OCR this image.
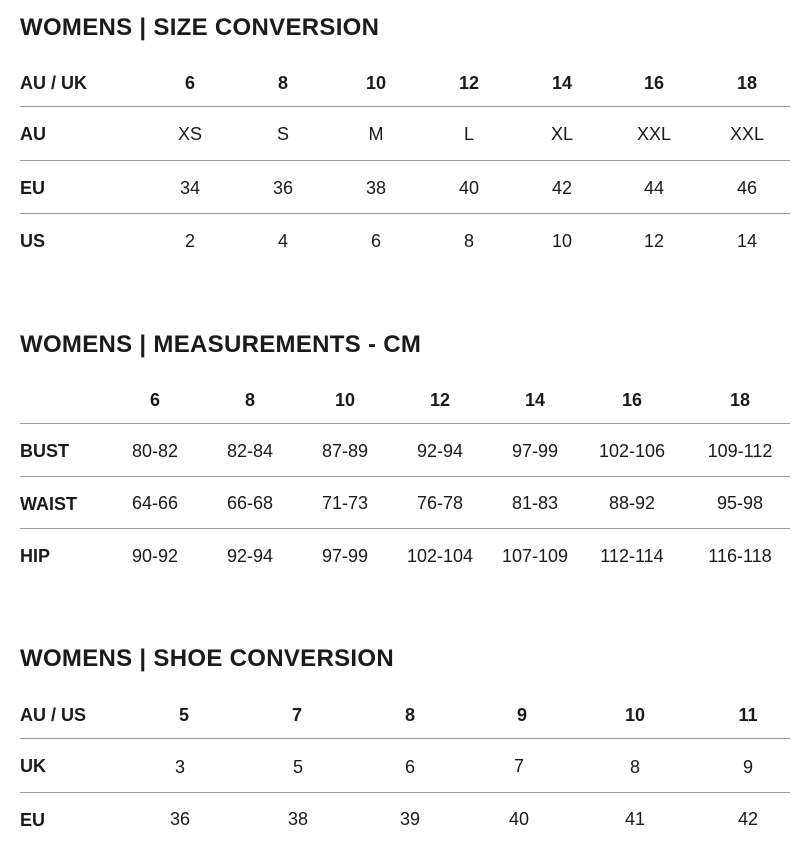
WOMENS | SIZE CONVERSION
AU / UK	6	8	10	12	14	16	18
AU	XS	S	M	L	XL	XXL	XXL
EU	34	36	38	40	42	44	46
US	2	4	6	8	10	12	14
WOMENS | MEASUREMENTS - CM
6	8	10	12	14	16	18
BUST	80-82	82-84	87-89	92-94	97-99 102-106 109-112
WAIST	64-66	66-68	71-73	76-78	81-83	88-92	95-98
HIP	90-92	92-94	97-99 102-104 107-109 112-114 116-118
WOMENS | SHOE CONVERSION
AU / US	5	7	8	9	10	11
UK	3	5	6	7	8	9
EU	36	38	39	40	41	42
